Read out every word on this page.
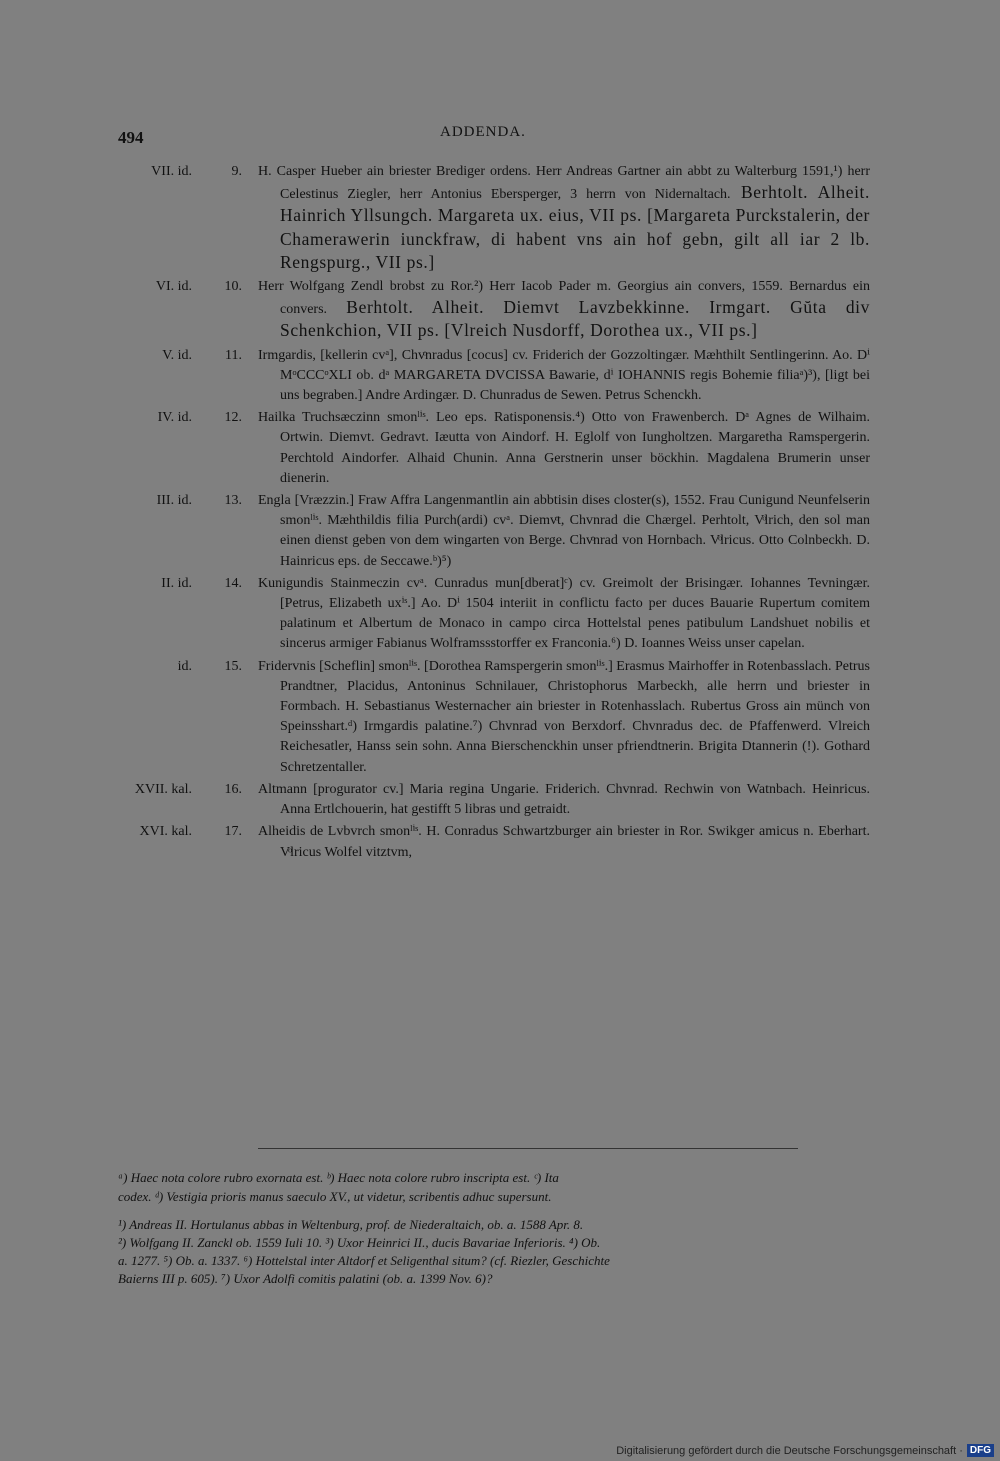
494	ADDENDA.
VII. id.	9. H. Casper Hueber ain briester Brediger ordens. Herr Andreas Gartner ain abbt zu Walterburg 1591,¹) herr Celestinus Ziegler, herr Antonius Ebersperger, 3 herrn von Nidernaltach. Berhtolt. Alheit. Hainrich Yllsungch. Margareta ux. eius, VII ps. [Margareta Purckstalerin, der Chamerawerin iunckfraw, di habent vns ain hof gebn, gilt all iar 2 lb. Rengspurg., VII ps.]
VI. id.	10. Herr Wolfgang Zendl brobst zu Ror.²) Herr Iacob Pader m. Georgius ain convers, 1559. Bernardus ein convers. Berhtolt. Alheit. Diemvt Lavzbekkinne. Irmgart. Gŭta div Schenkchion, VII ps. [Vlreich Nusdorff, Dorothea ux., VII ps.]
V. id.	11. Irmgardis, [kellerin cvᵃ], Chvͦnradus [cocus] cv. Friderich der Gozzoltingær. Mæhthilt Sentlingerinn. Ao. Dⁱ MᵒCCCᵒXLI ob. dᵃ MARGARETA DVCISSA Bawarie, dⁱ IOHANNIS regis Bohemie filiaᵃ)³), [ligt bei uns begraben.] Andre Ardingær. D. Chunradus de Sewen. Petrus Schenckh.
IV. id.	12. Hailka Truchsæczinn smonˡⁱˢ. Leo eps. Ratisponensis.⁴) Otto von Frawenberch. Dᵃ Agnes de Wilhaim. Ortwin. Diemvt. Gedravt. Iæutta von Aindorf. H. Eglolf von Iungholtzen. Margaretha Ramspergerin. Perchtold Aindorfer. Alhaid Chunin. Anna Gerstnerin unser böckhin. Magdalena Brumerin unser dienerin.
III. id.	13. Engla [Vræzzin.] Fraw Affra Langenmantlin ain abbtisin dises closter(s), 1552. Frau Cunigund Neunfelserin smonˡⁱˢ. Mæhthildis filia Purch(ardi) cvᵃ. Diemvͦt, Chvnrad die Chærgel. Perhtolt, Vͦlrich, den sol man einen dienst geben von dem wingarten von Berge. Chvͦnrad von Hornbach. Vͦlricus. Otto Colnbeckh. D. Hainricus eps. de Seccawe.ᵇ)⁵)
II. id.	14. Kunigundis Stainmeczin cvᵃ. Cunradus mun[dberat]ᶜ) cv. Greimolt der Brisingær. Iohannes Tevningær. [Petrus, Elizabeth uxⁱˢ.] Ao. Dⁱ 1504 interiit in conflictu facto per duces Bauarie Rupertum comitem palatinum et Albertum de Monaco in campo circa Hottelstal penes patibulum Landshuet nobilis et sincerus armiger Fabianus Wolframssstorffer ex Franconia.⁶) D. Ioannes Weiss unser capelan.
id.	15. Fridervnis [Scheflin] smonˡⁱˢ. [Dorothea Ramspergerin smonˡⁱˢ.] Erasmus Mairhoffer in Rotenbasslach. Petrus Prandtner, Placidus, Antoninus Schnilauer, Christophorus Marbeckh, alle herrn und briester in Formbach. H. Sebastianus Westernacher ain briester in Rotenhasslach. Rubertus Gross ain münch von Speinsshart.ᵈ) Irmgardis palatine.⁷) Chvnrad von Berxdorf. Chvnradus dec. de Pfaffenwerd. Vlreich Reichesatler, Hanss sein sohn. Anna Bierschenckhin unser pfriendtnerin. Brigita Dtannerin (!). Gothard Schretzentaller.
XVII. kal.	16. Altmann [progurator cv.] Maria regina Ungarie. Friderich. Chvnrad. Rechwin von Watnbach. Heinricus. Anna Ertlchouerin, hat gestifft 5 libras und getraidt.
XVI. kal.	17. Alheidis de Lvbvrch smonˡⁱˢ. H. Conradus Schwartzburger ain briester in Ror. Swikger amicus n. Eberhart. Vͦlricus Wolfel vitztvm,
ᵃ) Haec nota colore rubro exornata est. ᵇ) Haec nota colore rubro inscripta est. ᶜ) Ita
codex. ᵈ) Vestigia prioris manus saeculo XV., ut videtur, scribentis adhuc supersunt.
¹) Andreas II. Hortulanus abbas in Weltenburg, prof. de Niederaltaich, ob. a. 1588 Apr. 8.
²) Wolfgang II. Zanckl ob. 1559 Iuli 10. ³) Uxor Heinrici II., ducis Bavariae Inferioris. ⁴) Ob.
a. 1277. ⁵) Ob. a. 1337. ⁶) Hottelstal inter Altdorf et Seligenthal situm? (cf. Riezler, Geschichte
Baierns III p. 605). ⁷) Uxor Adolfi comitis palatini (ob. a. 1399 Nov. 6)?
Digitalisierung gefördert durch die Deutsche Forschungsgemeinschaft · DFG
